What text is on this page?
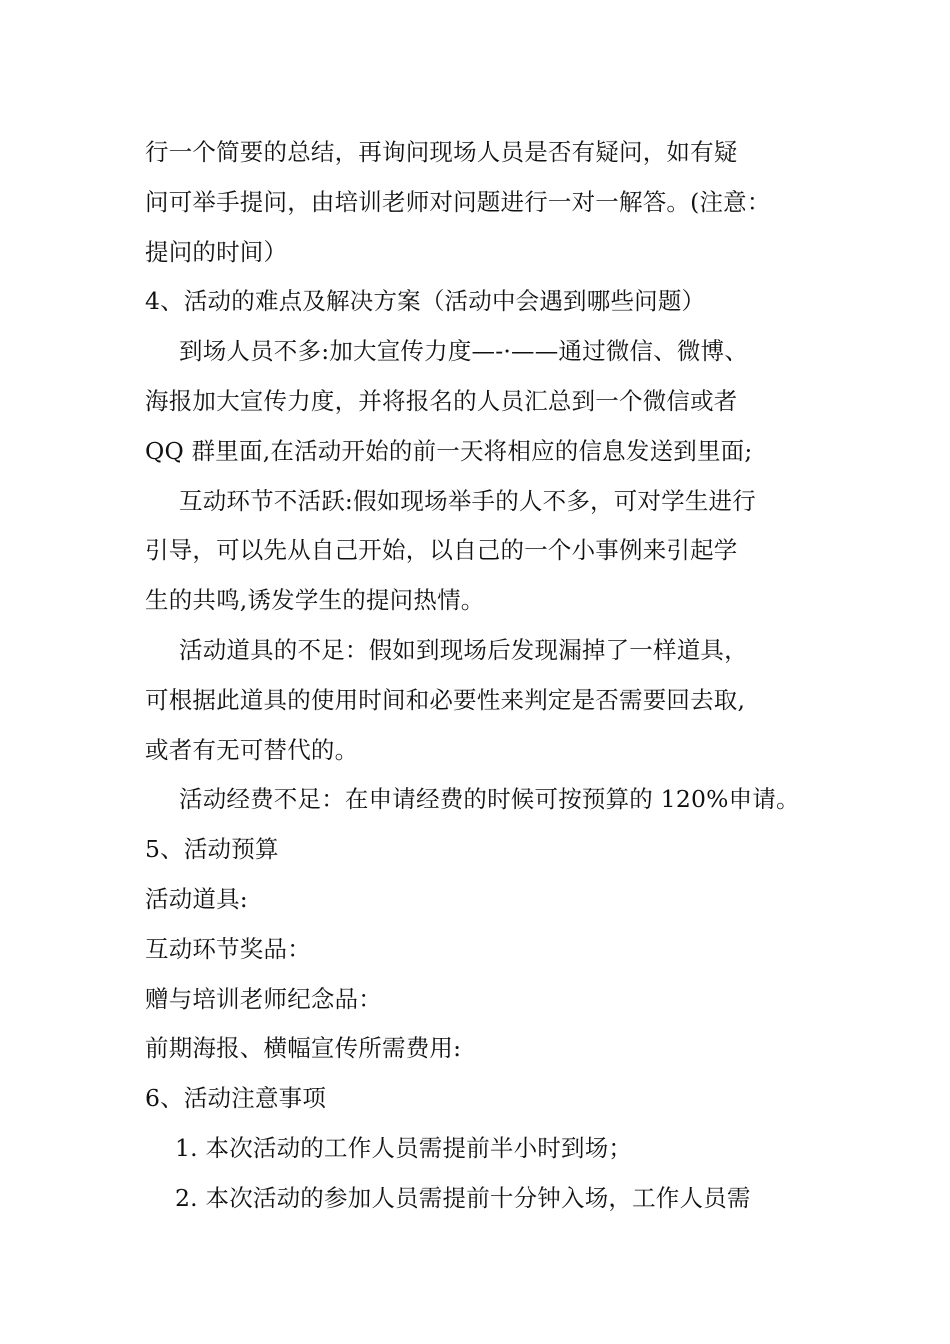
行一个简要的总结，再询问现场人员是否有疑问，如有疑
问可举手提问，由培训老师对问题进行一对一解答。(注意：
提问的时间）
4、活动的难点及解决方案（活动中会遇到哪些问题）
到场人员不多:加大宣传力度—-·——通过微信、微博、
海报加大宣传力度，并将报名的人员汇总到一个微信或者
QQ 群里面,在活动开始的前一天将相应的信息发送到里面;
互动环节不活跃:假如现场举手的人不多，可对学生进行
引导，可以先从自己开始，以自己的一个小事例来引起学
生的共鸣,诱发学生的提问热情。
活动道具的不足：假如到现场后发现漏掉了一样道具，
可根据此道具的使用时间和必要性来判定是否需要回去取,
或者有无可替代的。
活动经费不足：在申请经费的时候可按预算的 120%申请。
5、活动预算
活动道具:
互动环节奖品：
赠与培训老师纪念品：
前期海报、横幅宣传所需费用:
6、活动注意事项
1. 本次活动的工作人员需提前半小时到场；
2. 本次活动的参加人员需提前十分钟入场，工作人员需
